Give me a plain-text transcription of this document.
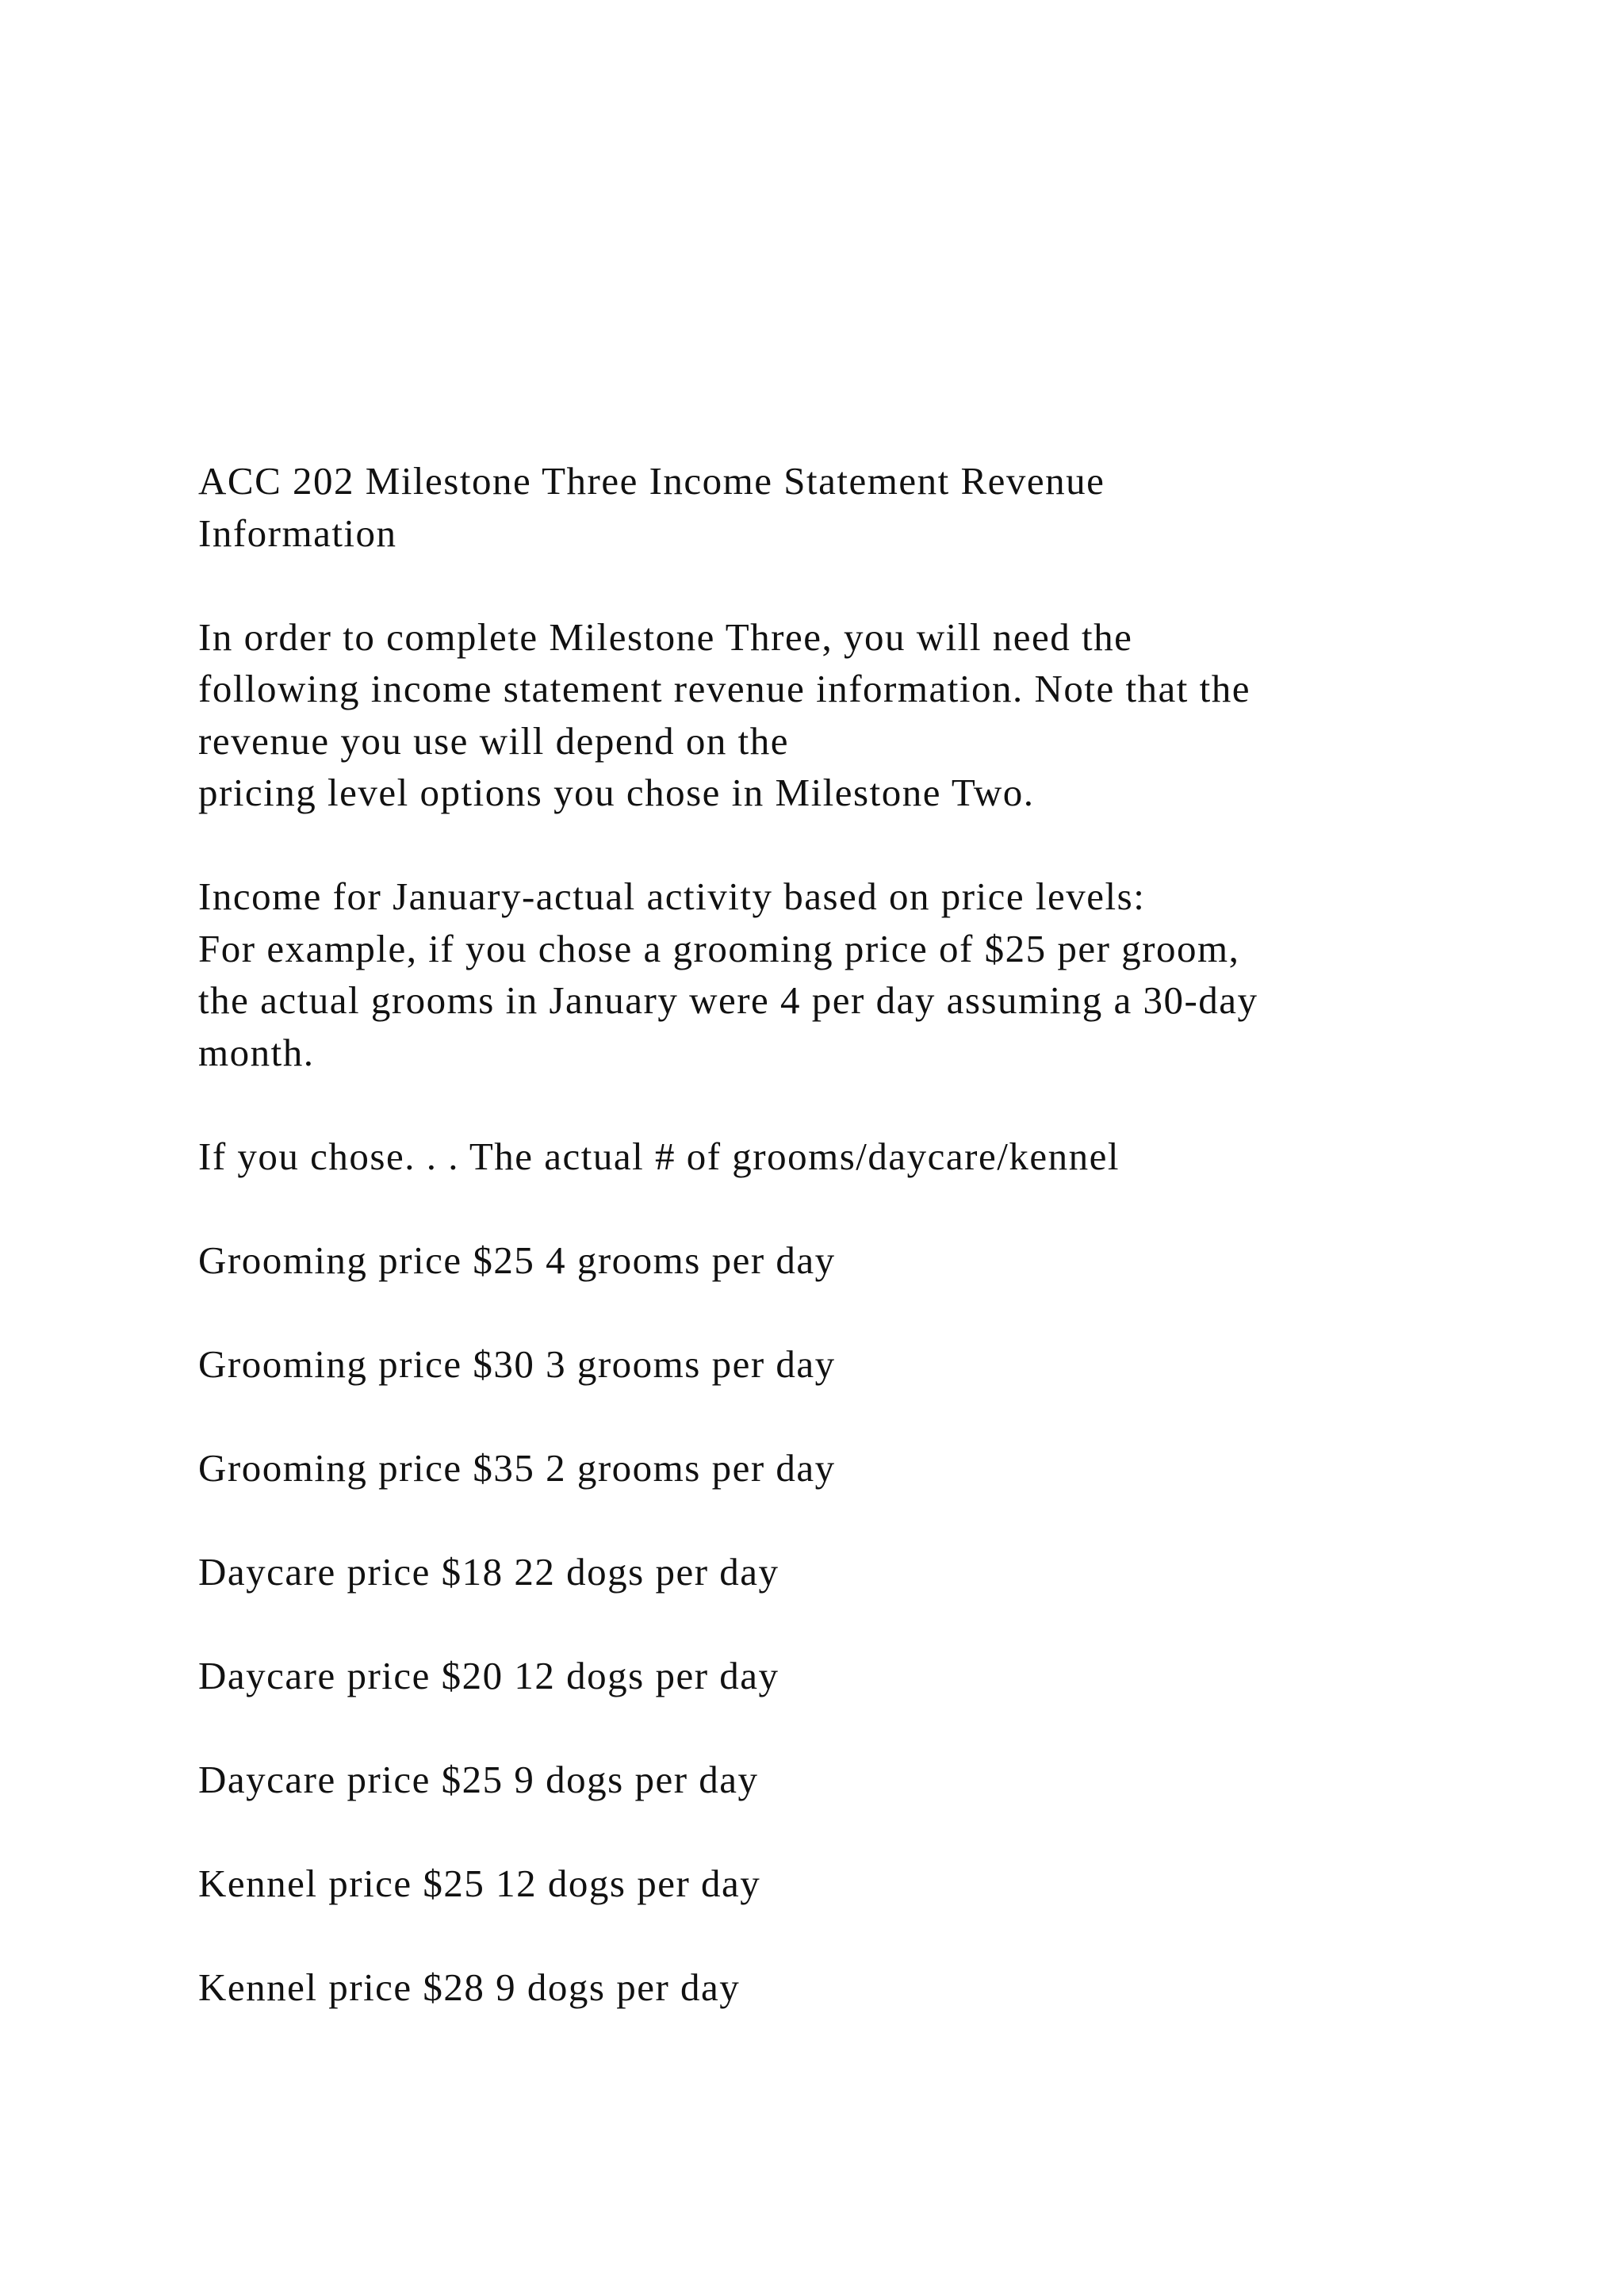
ACC 202 Milestone Three Income Statement Revenue
Information
In order to complete Milestone Three, you will need the
following income statement revenue information. Note that the
revenue you use will depend on the
pricing level options you chose in Milestone Two.
Income for January-actual activity based on price levels:
For example, if you chose a grooming price of $25 per groom,
the actual grooms in January were 4 per day assuming a 30-day
month.
If you chose. . . The actual # of grooms/daycare/kennel
Grooming price $25 4 grooms per day
Grooming price $30 3 grooms per day
Grooming price $35 2 grooms per day
Daycare price $18 22 dogs per day
Daycare price $20 12 dogs per day
Daycare price $25 9 dogs per day
Kennel price $25 12 dogs per day
Kennel price $28 9 dogs per day
